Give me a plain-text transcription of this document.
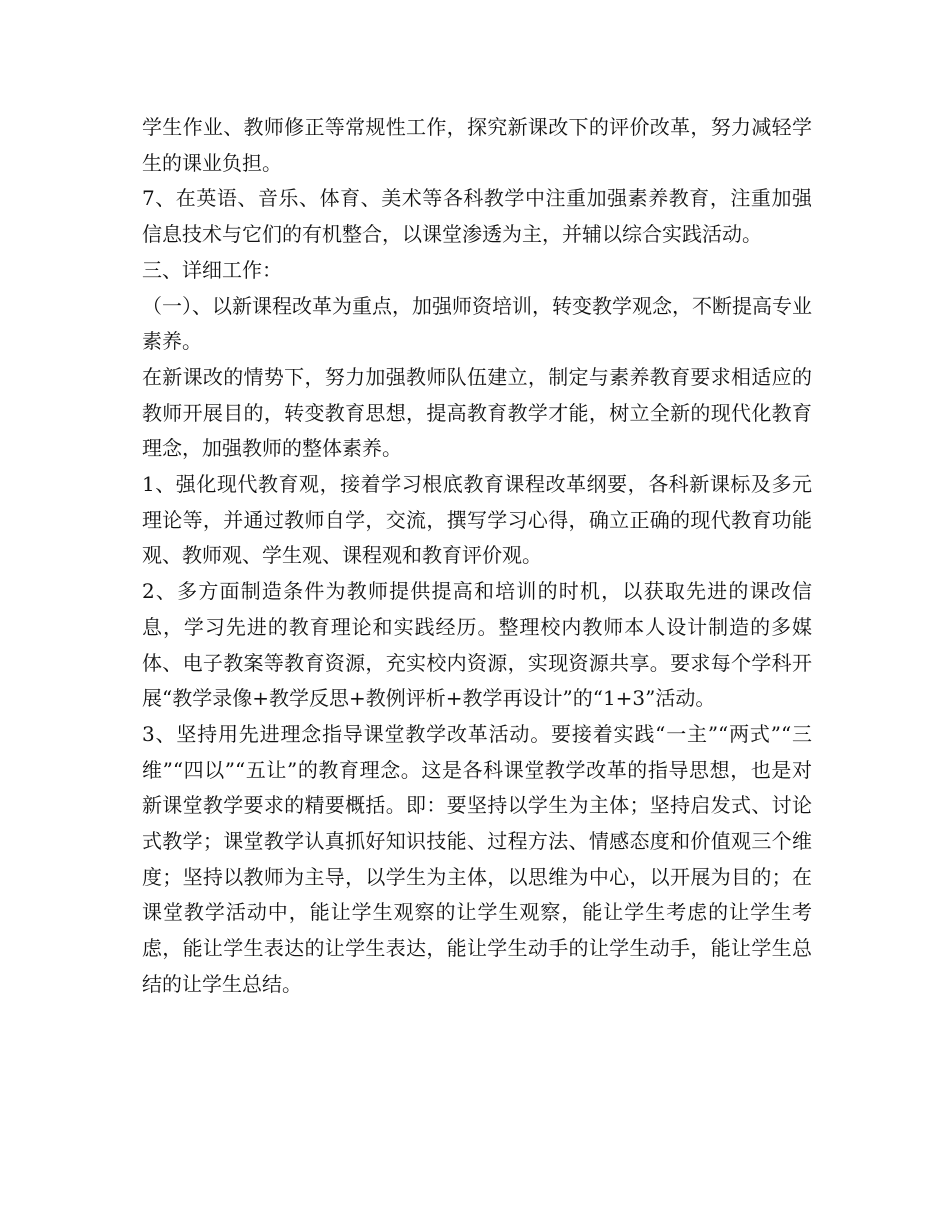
学生作业、教师修正等常规性工作，探究新课改下的评价改革，努力减轻学生的课业负担。

7、在英语、音乐、体育、美术等各科教学中注重加强素养教育，注重加强信息技术与它们的有机整合，以课堂渗透为主，并辅以综合实践活动。

三、详细工作：

（一）、以新课程改革为重点，加强师资培训，转变教学观念，不断提高专业素养。

在新课改的情势下，努力加强教师队伍建立，制定与素养教育要求相适应的教师开展目的，转变教育思想，提高教育教学才能，树立全新的现代化教育理念，加强教师的整体素养。

1、强化现代教育观，接着学习根底教育课程改革纲要，各科新课标及多元理论等，并通过教师自学，交流，撰写学习心得，确立正确的现代教育功能观、教师观、学生观、课程观和教育评价观。

2、多方面制造条件为教师提供提高和培训的时机，以获取先进的课改信息，学习先进的教育理论和实践经历。整理校内教师本人设计制造的多媒体、电子教案等教育资源，充实校内资源，实现资源共享。要求每个学科开展“教学录像+教学反思+教例评析+教学再设计”的“1+3”活动。

3、坚持用先进理念指导课堂教学改革活动。要接着实践“一主”“两式”“三维”“四以”“五让”的教育理念。这是各科课堂教学改革的指导思想，也是对新课堂教学要求的精要概括。即：要坚持以学生为主体；坚持启发式、讨论式教学；课堂教学认真抓好知识技能、过程方法、情感态度和价值观三个维度；坚持以教师为主导，以学生为主体，以思维为中心，以开展为目的；在课堂教学活动中，能让学生观察的让学生观察，能让学生考虑的让学生考虑，能让学生表达的让学生表达，能让学生动手的让学生动手，能让学生总结的让学生总结。
